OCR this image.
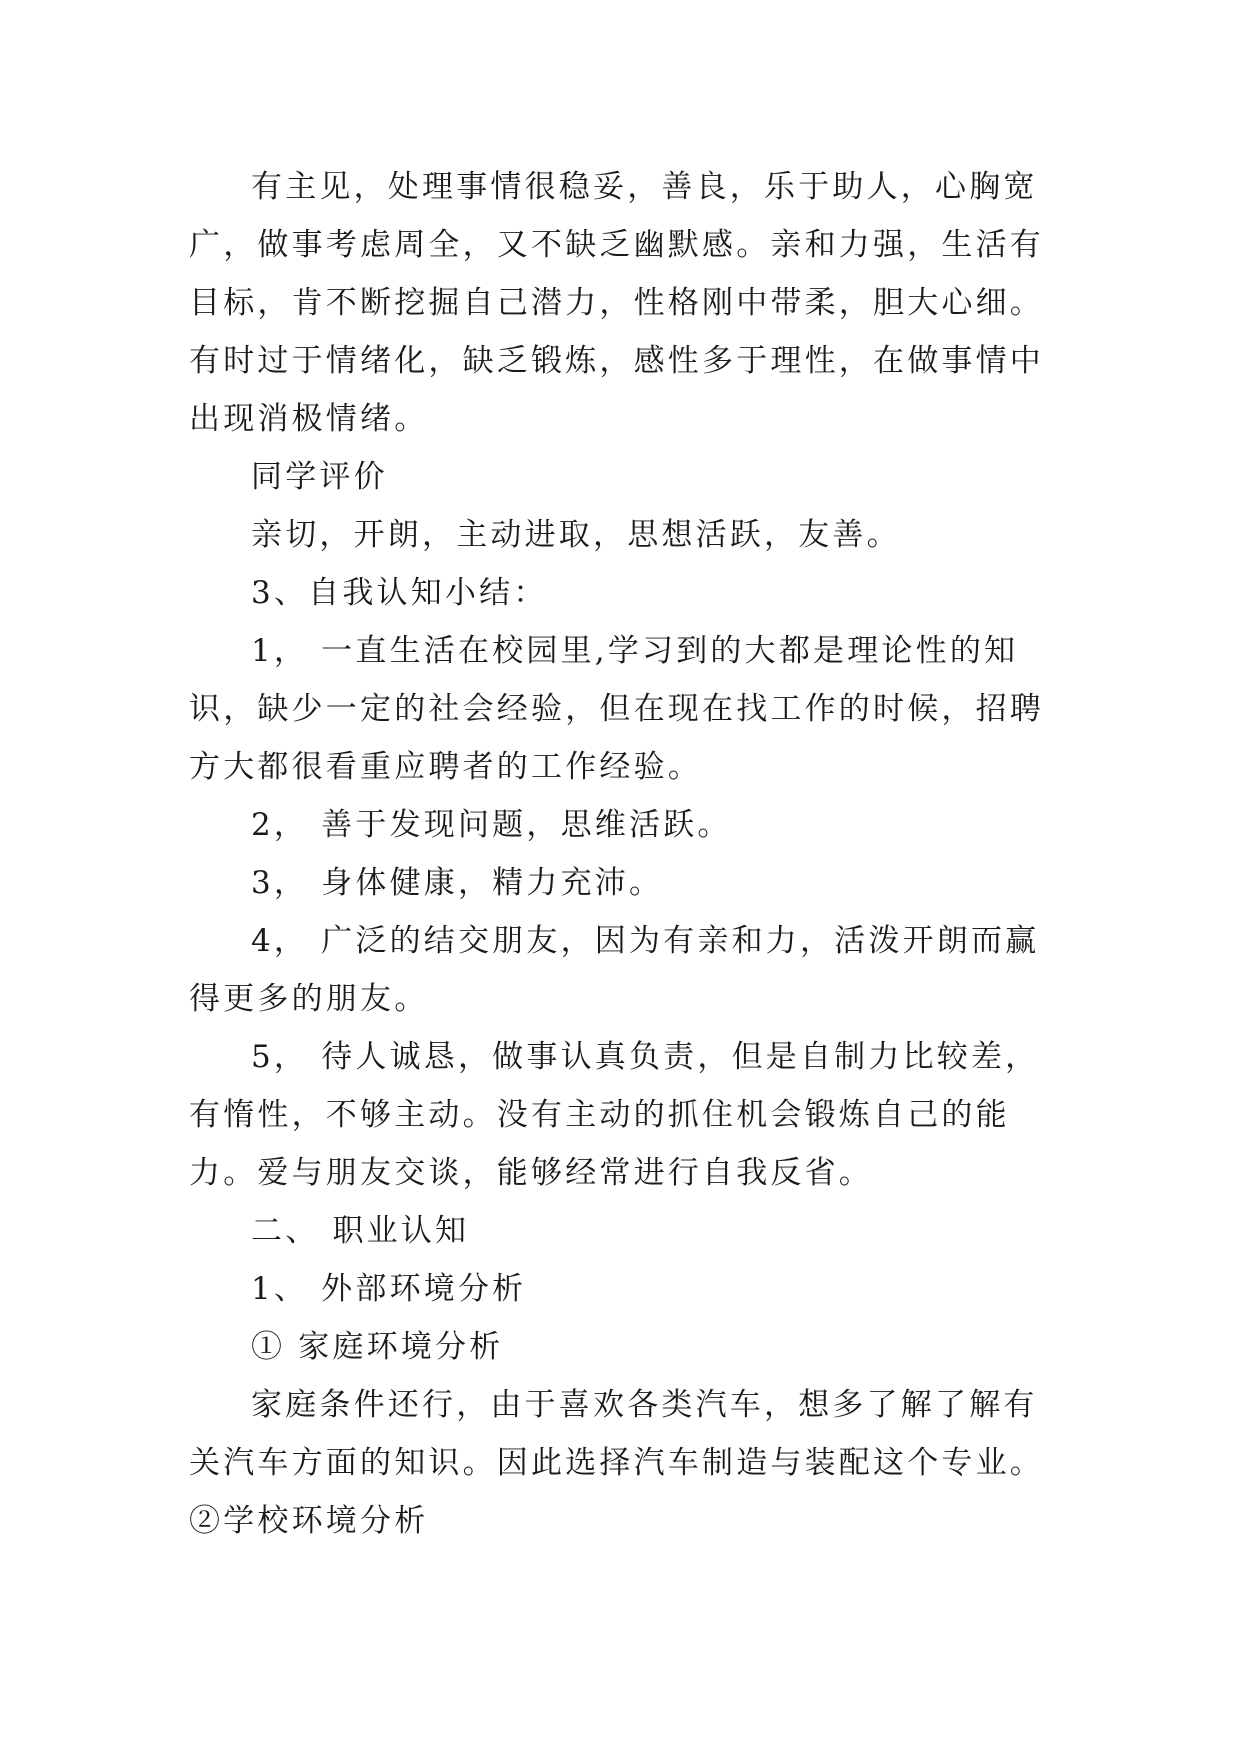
有主见，处理事情很稳妥，善良，乐于助人，心胸宽广，做事考虑周全，又不缺乏幽默感。亲和力强，生活有目标，肯不断挖掘自己潜力，性格刚中带柔，胆大心细。 有时过于情绪化，缺乏锻炼，感性多于理性，在做事情中出现消极情绪。

同学评价

亲切，开朗，主动进取，思想活跃，友善。

3、自我认知小结：

1， 一直生活在校园里,学习到的大都是理论性的知识，缺少一定的社会经验，但在现在找工作的时候，招聘方大都很看重应聘者的工作经验。

2， 善于发现问题，思维活跃。

3， 身体健康，精力充沛。

4， 广泛的结交朋友，因为有亲和力，活泼开朗而赢得更多的朋友。

5， 待人诚恳，做事认真负责，但是自制力比较差，有惰性，不够主动。没有主动的抓住机会锻炼自己的能力。爱与朋友交谈，能够经常进行自我反省。

二、 职业认知

1、 外部环境分析

① 家庭环境分析

家庭条件还行，由于喜欢各类汽车，想多了解了解有关汽车方面的知识。因此选择汽车制造与装配这个专业。 ②学校环境分析
